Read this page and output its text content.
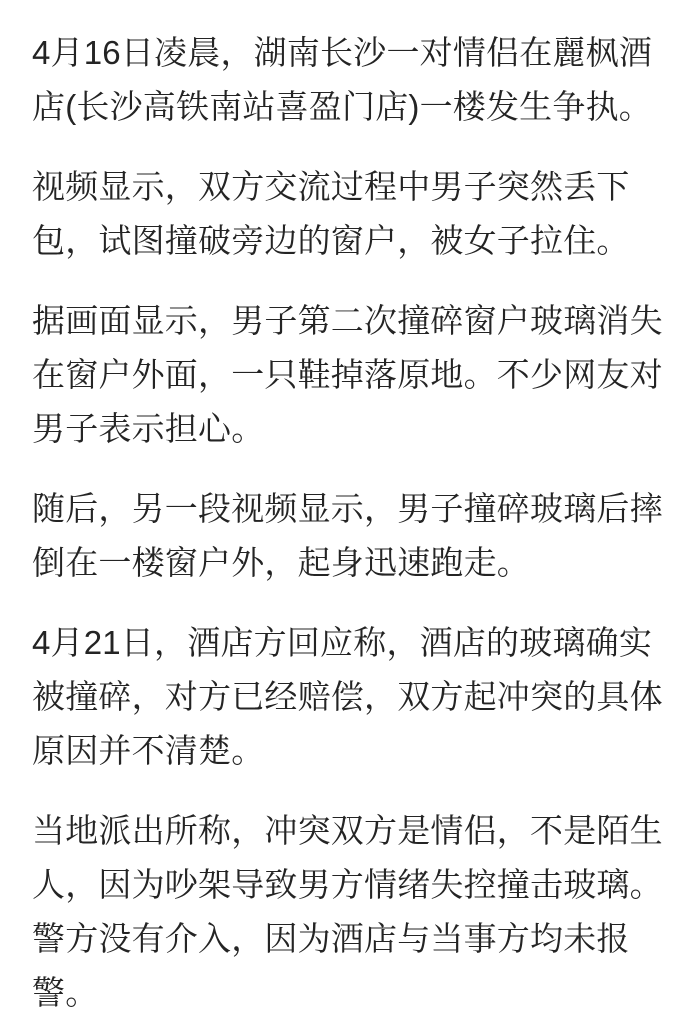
4月16日凌晨，湖南长沙一对情侣在麗枫酒
店(长沙高铁南站喜盈门店)一楼发生争执。
视频显示，双方交流过程中男子突然丢下
包，试图撞破旁边的窗户，被女子拉住。
据画面显示，男子第二次撞碎窗户玻璃消失
在窗户外面，一只鞋掉落原地。不少网友对
男子表示担心。
随后，另一段视频显示，男子撞碎玻璃后摔
倒在一楼窗户外，起身迅速跑走。
4月21日，酒店方回应称，酒店的玻璃确实
被撞碎，对方已经赔偿，双方起冲突的具体
原因并不清楚。
当地派出所称，冲突双方是情侣，不是陌生
人，因为吵架导致男方情绪失控撞击玻璃。
警方没有介入，因为酒店与当事方均未报
警。
